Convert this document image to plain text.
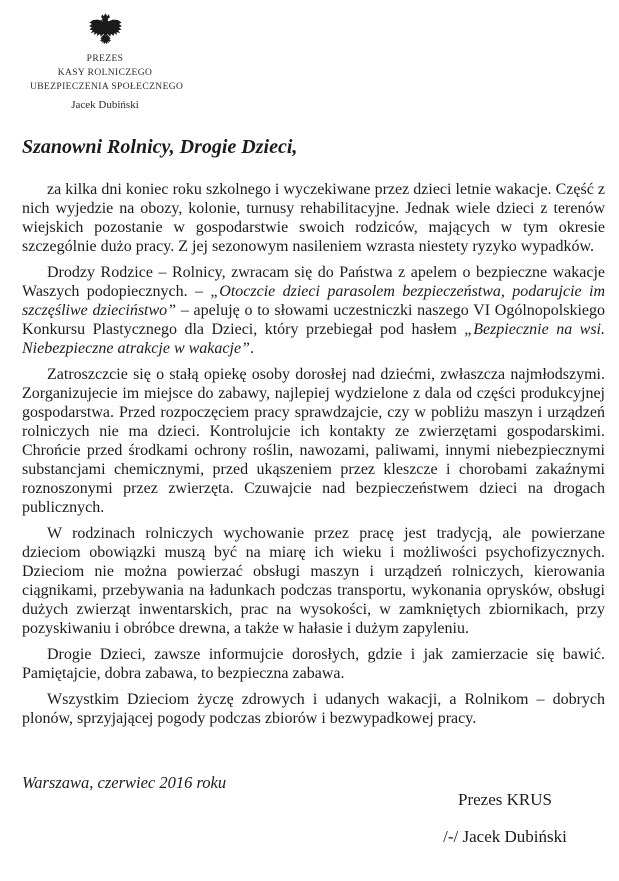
PREZES
KASY ROLNICZEGO
UBEZPIECZENIA SPOŁECZNEGO
Jacek Dubiński
Szanowni Rolnicy, Drogie Dzieci,

za kilka dni koniec roku szkolnego i wyczekiwane przez dzieci letnie wakacje. Część z nich wyjedzie na obozy, kolonie, turnusy rehabilitacyjne. Jednak wiele dzieci z terenów wiejskich pozostanie w gospodarstwie swoich rodziców, mających w tym okresie szczególnie dużo pracy. Z jej sezonowym nasileniem wzrasta niestety ryzyko wypadków.

Drodzy Rodzice – Rolnicy, zwracam się do Państwa z apelem o bezpieczne wakacje Waszych podopiecznych. – „Otoczcie dzieci parasolem bezpieczeństwa, podarujcie im szczęśliwe dzieciństwo” – apeluję o to słowami uczestniczki naszego VI Ogólnopolskiego Konkursu Plastycznego dla Dzieci, który przebiegał pod hasłem „Bezpiecznie na wsi. Niebezpieczne atrakcje w wakacje”.

Zatroszczcie się o stałą opiekę osoby dorosłej nad dziećmi, zwłaszcza najmłodszymi. Zorganizujecie im miejsce do zabawy, najlepiej wydzielone z dala od części produkcyjnej gospodarstwa. Przed rozpoczęciem pracy sprawdzajcie, czy w pobliżu maszyn i urządzeń rolniczych nie ma dzieci. Kontrolujcie ich kontakty ze zwierzętami gospodarskimi. Chrońcie przed środkami ochrony roślin, nawozami, paliwami, innymi niebezpiecznymi substancjami chemicznymi, przed ukąszeniem przez kleszcze i chorobami zakaźnymi roznoszonymi przez zwierzęta. Czuwajcie nad bezpieczeństwem dzieci na drogach publicznych.

W rodzinach rolniczych wychowanie przez pracę jest tradycją, ale powierzane dzieciom obowiązki muszą być na miarę ich wieku i możliwości psychofizycznych. Dzieciom nie można powierzać obsługi maszyn i urządzeń rolniczych, kierowania ciągnikami, przebywania na ładunkach podczas transportu, wykonania oprysków, obsługi dużych zwierząt inwentarskich, prac na wysokości, w zamkniętych zbiornikach, przy pozyskiwaniu i obróbce drewna, a także w hałasie i dużym zapyleniu.

Drogie Dzieci, zawsze informujcie dorosłych, gdzie i jak zamierzacie się bawić. Pamiętajcie, dobra zabawa, to bezpieczna zabawa.

Wszystkim Dzieciom życzę zdrowych i udanych wakacji, a Rolnikom – dobrych plonów, sprzyjającej pogody podczas zbiorów i bezwypadkowej pracy.

Warszawa, czerwiec 2016 roku
Prezes KRUS
/-/ Jacek Dubiński
